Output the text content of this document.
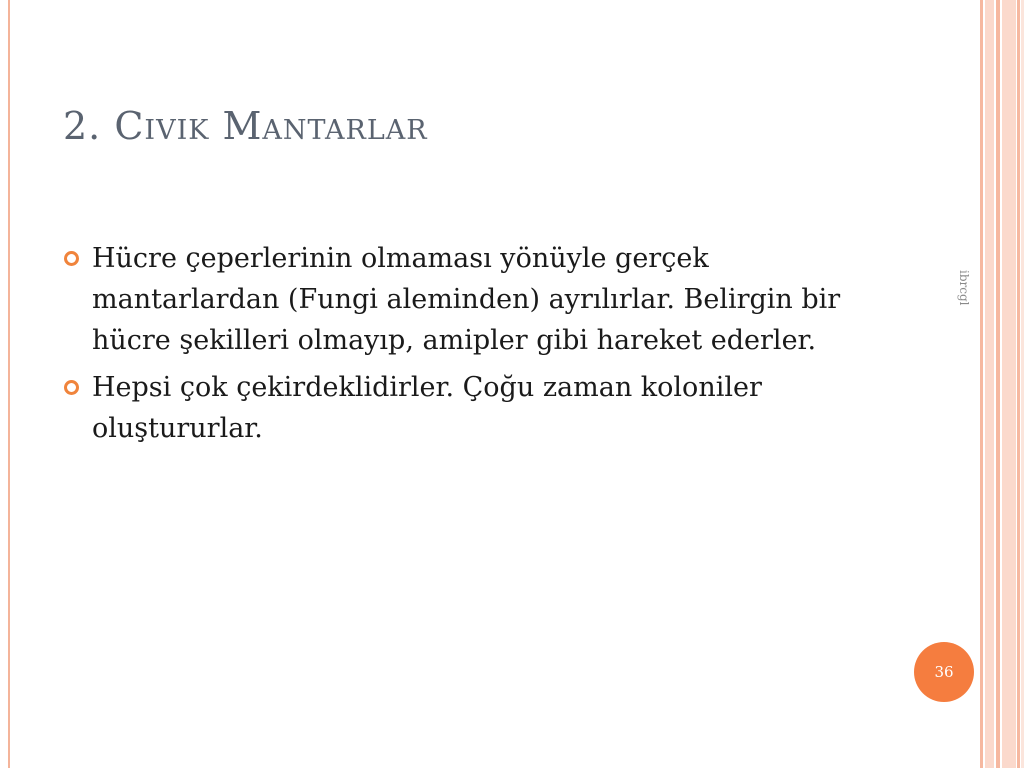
2. Civik Mantarlar
Hücre çeperlerinin olmaması yönüyle gerçek mantarlardan (Fungi aleminden) ayrılırlar. Belirgin bir hücre şekilleri olmayıp, amipler gibi hareket ederler.
Hepsi çok çekirdeklidirler. Çoğu zaman koloniler oluştururlar.
ibrcgl
36
